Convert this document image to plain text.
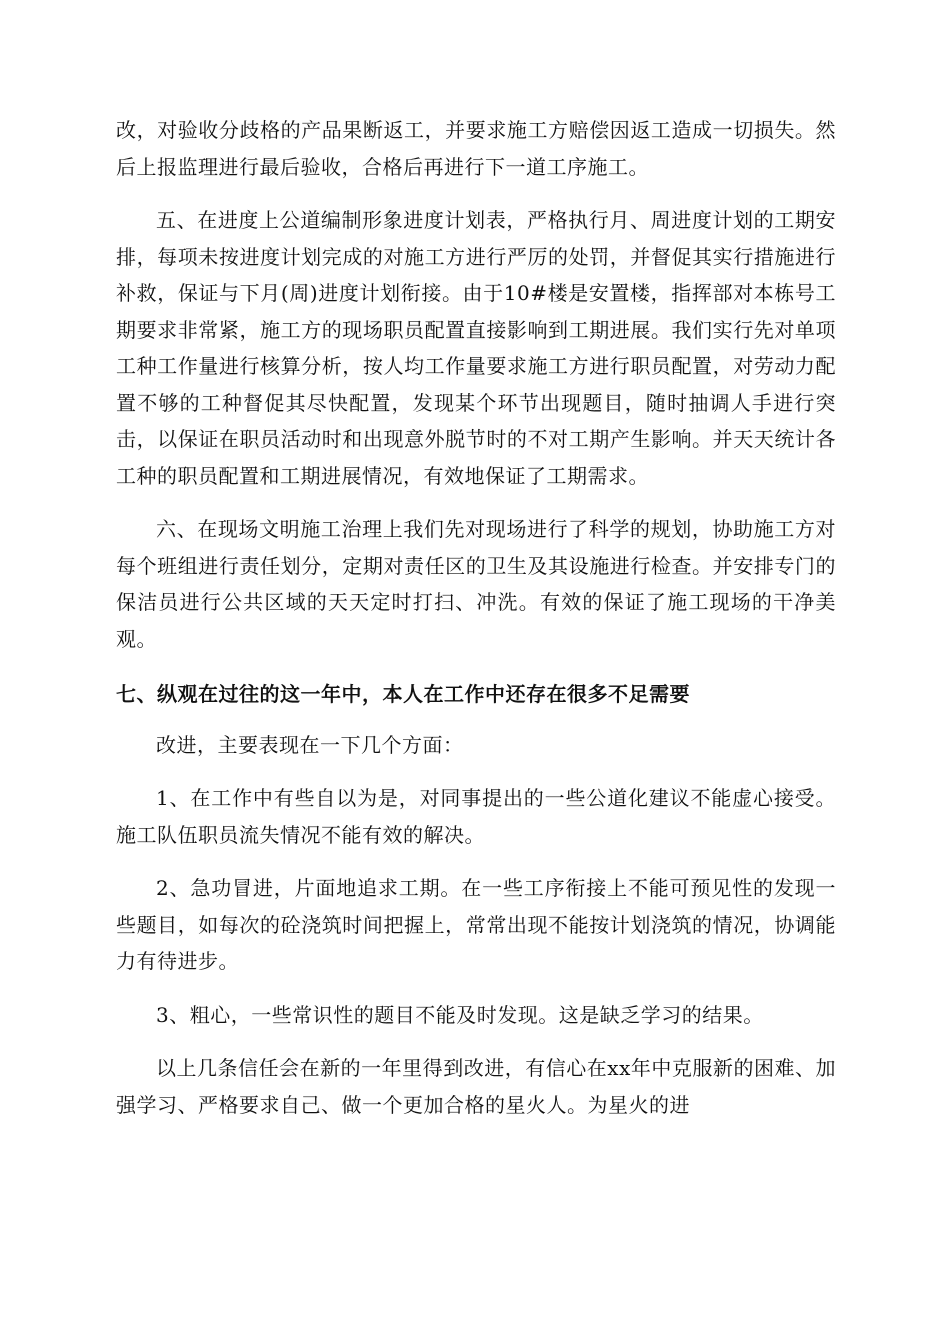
改，对验收分歧格的产品果断返工，并要求施工方赔偿因返工造成一切损失。然后上报监理进行最后验收，合格后再进行下一道工序施工。

五、在进度上公道编制形象进度计划表，严格执行月、周进度计划的工期安排，每项未按进度计划完成的对施工方进行严厉的处罚，并督促其实行措施进行补救，保证与下月(周)进度计划衔接。由于10#楼是安置楼，指挥部对本栋号工期要求非常紧，施工方的现场职员配置直接影响到工期进展。我们实行先对单项工种工作量进行核算分析，按人均工作量要求施工方进行职员配置，对劳动力配置不够的工种督促其尽快配置，发现某个环节出现题目，随时抽调人手进行突击，以保证在职员活动时和出现意外脱节时的不对工期产生影响。并天天统计各工种的职员配置和工期进展情况，有效地保证了工期需求。

六、在现场文明施工治理上我们先对现场进行了科学的规划，协助施工方对每个班组进行责任划分，定期对责任区的卫生及其设施进行检查。并安排专门的保洁员进行公共区域的天天定时打扫、冲洗。有效的保证了施工现场的干净美观。

七、纵观在过往的这一年中，本人在工作中还存在很多不足需要

改进，主要表现在一下几个方面：

1、在工作中有些自以为是，对同事提出的一些公道化建议不能虚心接受。施工队伍职员流失情况不能有效的解决。

2、急功冒进，片面地追求工期。在一些工序衔接上不能可预见性的发现一些题目，如每次的砼浇筑时间把握上，常常出现不能按计划浇筑的情况，协调能力有待进步。

3、粗心，一些常识性的题目不能及时发现。这是缺乏学习的结果。

以上几条信任会在新的一年里得到改进，有信心在xx年中克服新的困难、加强学习、严格要求自己、做一个更加合格的星火人。为星火的进
